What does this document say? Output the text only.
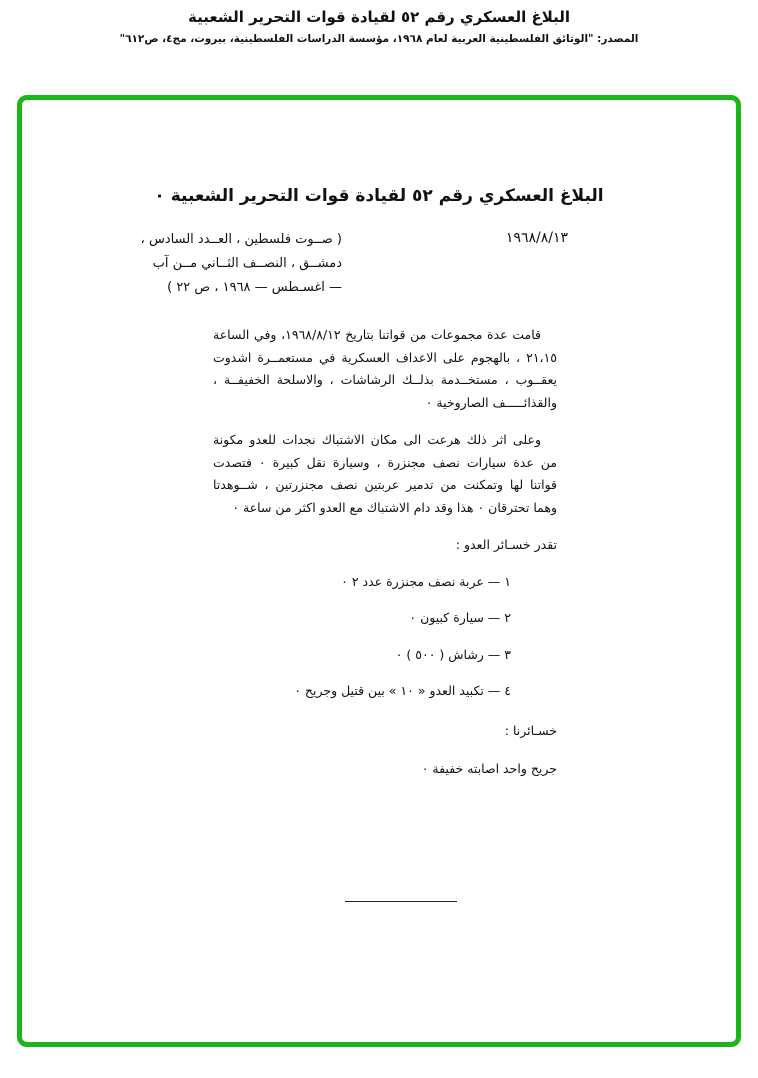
البلاغ العسكري رقم ٥٢ لقيادة قوات التحرير الشعبية
المصدر: "الوثائق الفلسطينية العربية لعام ١٩٦٨، مؤسسة الدراسات الفلسطينية، بيروت، مج٤، ص٦١٢"
البلاغ العسكري رقم ٥٢ لقيادة قوات التحرير الشعبية ٠
١٩٦٨/٨/١٣
( صــوت فلسطين ، العــدد السادس ،
دمشــق ، النصــف الثــاني مــن آب
— اغسـطس — ١٩٦٨ ، ص ٢٢ )

قامت عدة مجموعات من قواتنا بتاريخ ١٩٦٨/٨/١٢، وفي الساعة ٢١،١٥ ، بالهجوم على الاعداف العسكرية في مستعمــرة اشدوت يعقــوب ، مستخــدمة بذلــك الرشاشات ، والاسلحة الخفيفــة ، والقذائـــــف الصاروخية ٠

وعلى اثر ذلك هرعت الى مكان الاشتباك نجدات للعدو مكونة من عدة سيارات نصف مجنزرة ، وسيارة نقل كبيرة ٠ فتصدت قواتنا لها وتمكنت من تدمير عربتين نصف مجنزرتين ، شــوهدتا وهما تحترقان ٠ هذا وقد دام الاشتباك مع العدو اكثر من ساعة ٠

تقدر خسـائر العدو :
١ — عربة نصف مجنزرة عدد ٢ ٠
٢ — سيارة كبيون ٠
٣ — رشاش ( ٥٠٠ ) ٠
٤ — تكبيد العدو « ١٠ » بين قتيل وجريح ٠
خسـائرنا :
جريح واحد اصابته خفيفة ٠
